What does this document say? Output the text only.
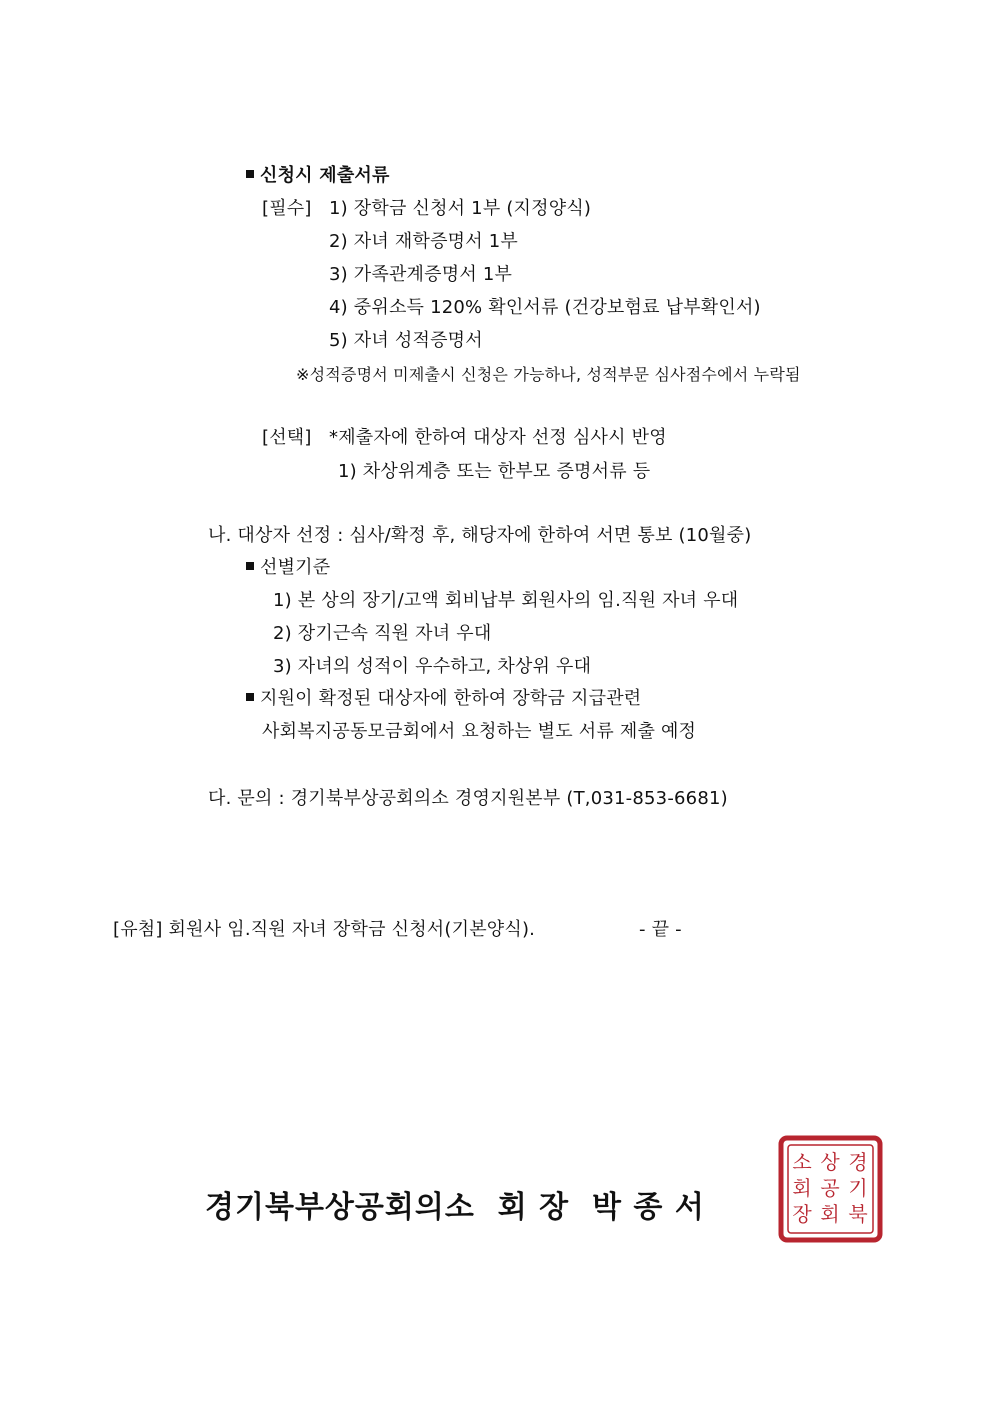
신청시 제출서류
[필수] 1) 장학금 신청서 1부 (지정양식)
2) 자녀 재학증명서 1부
3) 가족관계증명서 1부
4) 중위소득 120% 확인서류 (건강보험료 납부확인서)
5) 자녀 성적증명서
※성적증명서 미제출시 신청은 가능하나, 성적부문 심사점수에서 누락됨
[선택] *제출자에 한하여 대상자 선정 심사시 반영
1) 차상위계층 또는 한부모 증명서류 등
나. 대상자 선정 : 심사/확정 후, 해당자에 한하여 서면 통보 (10월중)
선별기준
1) 본 상의 장기/고액 회비납부 회원사의 임.직원 자녀 우대
2) 장기근속 직원 자녀 우대
3) 자녀의 성적이 우수하고, 차상위 우대
지원이 확정된 대상자에 한하여 장학금 지급관련
사회복지공동모금회에서 요청하는 별도 서류 제출 예정
다. 문의 : 경기북부상공회의소 경영지원본부 (T,031-853-6681)
[유첨] 회원사 임.직원 자녀 장학금 신청서(기본양식).	- 끝 -
경기북부상공회의소  회 장  박 종 서
경
기
북
상
공
회
소
회
장
